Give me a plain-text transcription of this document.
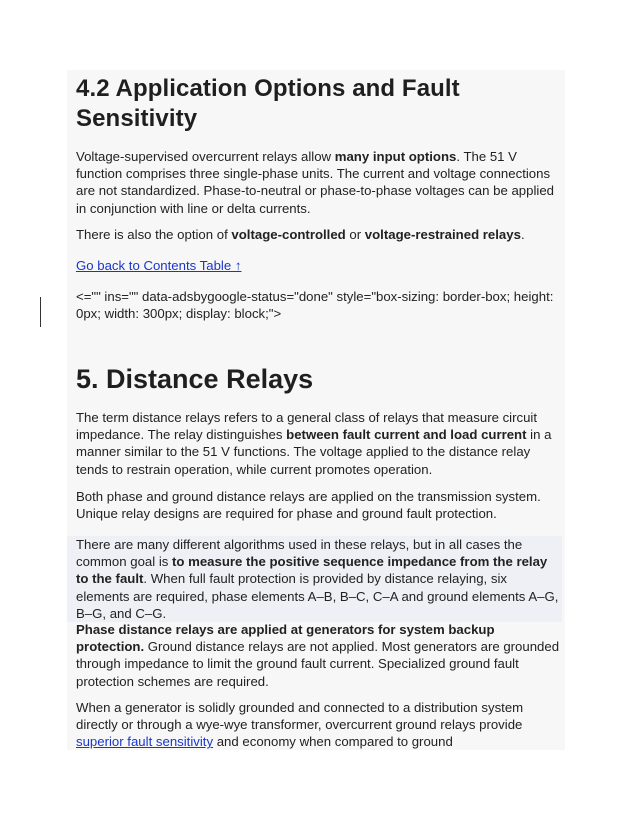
4.2 Application Options and Fault Sensitivity

Voltage-supervised overcurrent relays allow many input options. The 51 V function comprises three single-phase units. The current and voltage connections are not standardized. Phase-to-neutral or phase-to-phase voltages can be applied in conjunction with line or delta currents.

There is also the option of voltage-controlled or voltage-restrained relays.

Go back to Contents Table ↑

<="" ins="" data-adsbygoogle-status="done" style="box-sizing: border-box; height: 0px; width: 300px; display: block;">

5. Distance Relays

The term distance relays refers to a general class of relays that measure circuit impedance. The relay distinguishes between fault current and load current in a manner similar to the 51 V functions. The voltage applied to the distance relay tends to restrain operation, while current promotes operation.

Both phase and ground distance relays are applied on the transmission system. Unique relay designs are required for phase and ground fault protection.

There are many different algorithms used in these relays, but in all cases the common goal is to measure the positive sequence impedance from the relay to the fault. When full fault protection is provided by distance relaying, six elements are required, phase elements A–B, B–C, C–A and ground elements A–G, B–G, and C–G.

Phase distance relays are applied at generators for system backup protection. Ground distance relays are not applied. Most generators are grounded through impedance to limit the ground fault current. Specialized ground fault protection schemes are required.

When a generator is solidly grounded and connected to a distribution system directly or through a wye-wye transformer, overcurrent ground relays provide superior fault sensitivity and economy when compared to ground
